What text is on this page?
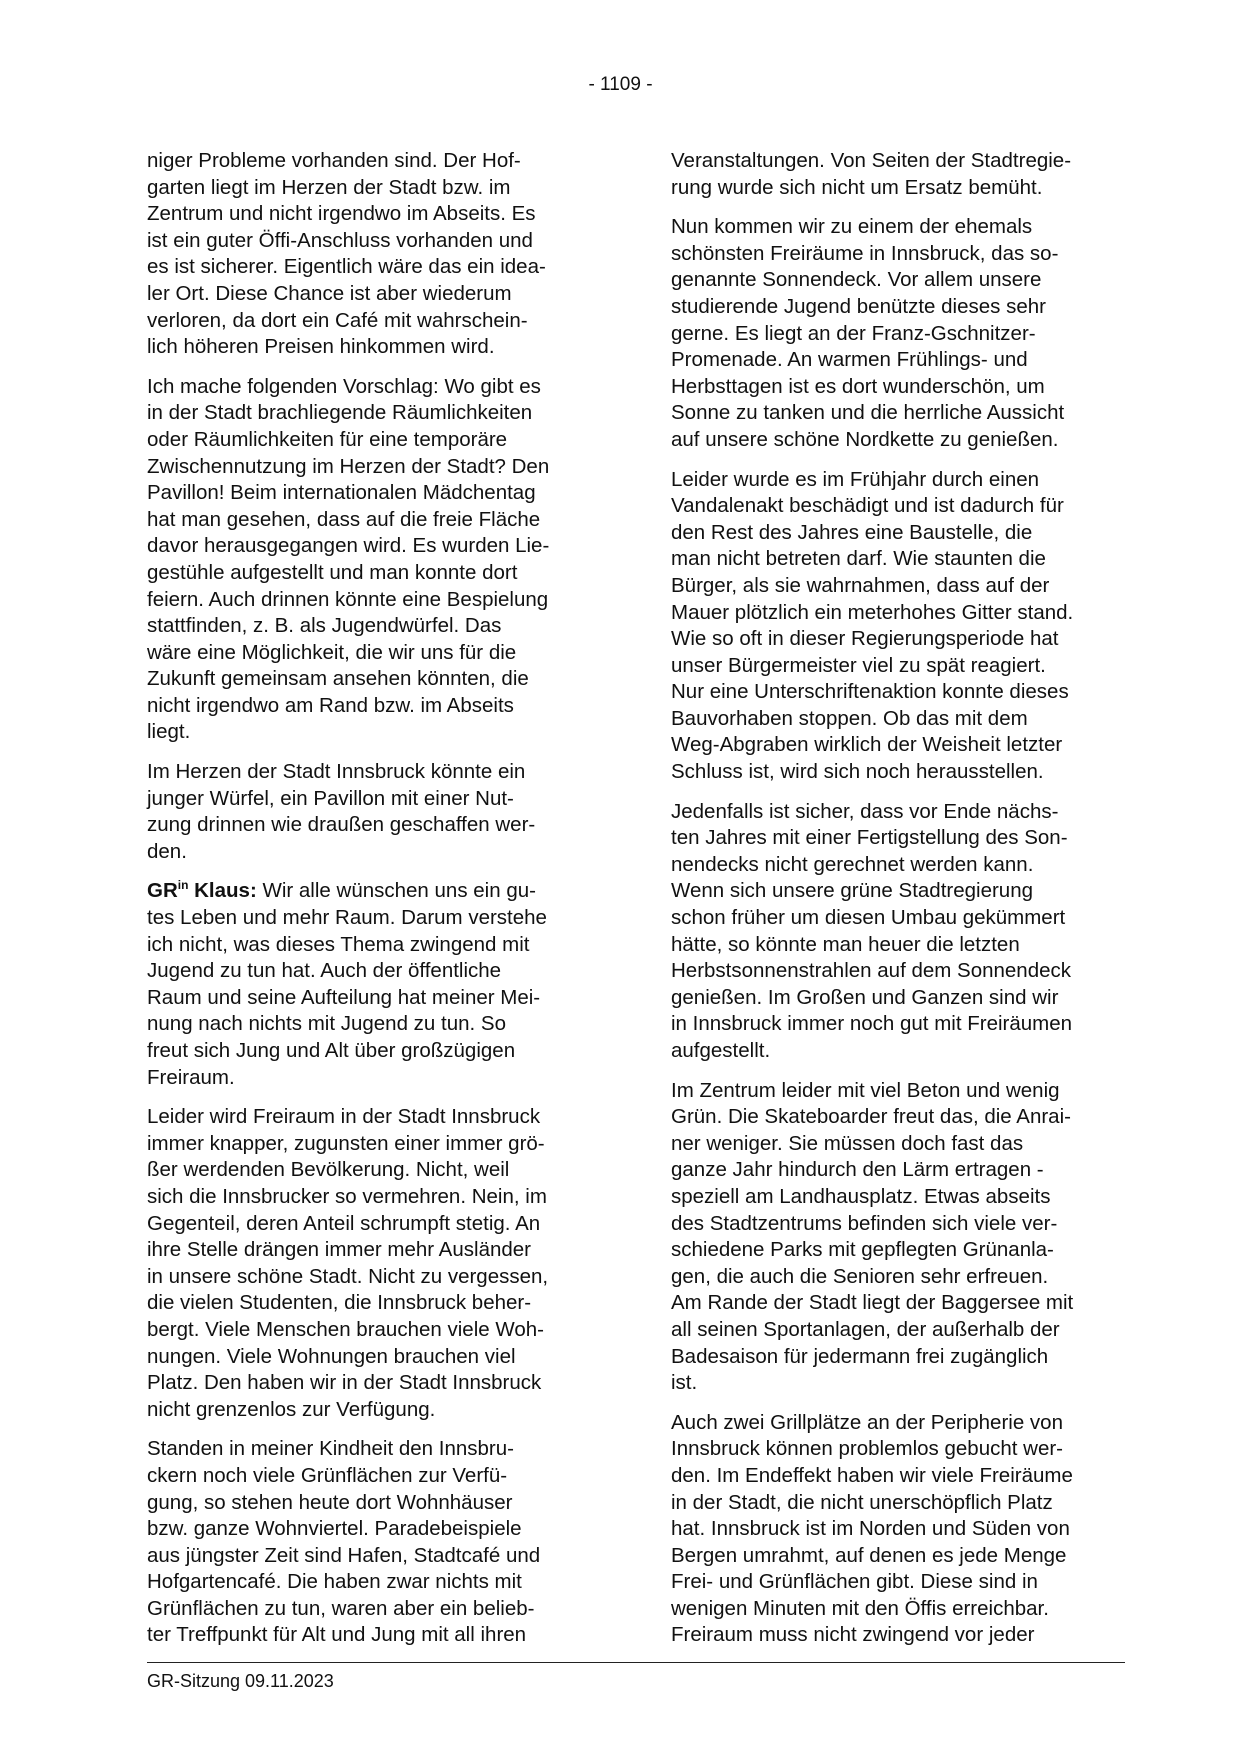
- 1109 -
niger Probleme vorhanden sind. Der Hof-
garten liegt im Herzen der Stadt bzw. im
Zentrum und nicht irgendwo im Abseits. Es
ist ein guter Öffi-Anschluss vorhanden und
es ist sicherer. Eigentlich wäre das ein idea-
ler Ort. Diese Chance ist aber wiederum
verloren, da dort ein Café mit wahrschein-
lich höheren Preisen hinkommen wird.
Ich mache folgenden Vorschlag: Wo gibt es
in der Stadt brachliegende Räumlichkeiten
oder Räumlichkeiten für eine temporäre
Zwischennutzung im Herzen der Stadt? Den
Pavillon! Beim internationalen Mädchentag
hat man gesehen, dass auf die freie Fläche
davor herausgegangen wird. Es wurden Lie-
gestühle aufgestellt und man konnte dort
feiern. Auch drinnen könnte eine Bespielung
stattfinden, z. B. als Jugendwürfel. Das
wäre eine Möglichkeit, die wir uns für die
Zukunft gemeinsam ansehen könnten, die
nicht irgendwo am Rand bzw. im Abseits
liegt.
Im Herzen der Stadt Innsbruck könnte ein
junger Würfel, ein Pavillon mit einer Nut-
zung drinnen wie draußen geschaffen wer-
den.
$GR^{in}$ Klaus: Wir alle wünschen uns ein gu-
tes Leben und mehr Raum. Darum verstehe
ich nicht, was dieses Thema zwingend mit
Jugend zu tun hat. Auch der öffentliche
Raum und seine Aufteilung hat meiner Mei-
nung nach nichts mit Jugend zu tun. So
freut sich Jung und Alt über großzügigen
Freiraum.
Leider wird Freiraum in der Stadt Innsbruck
immer knapper, zugunsten einer immer grö-
ßer werdenden Bevölkerung. Nicht, weil
sich die Innsbrucker so vermehren. Nein, im
Gegenteil, deren Anteil schrumpft stetig. An
ihre Stelle drängen immer mehr Ausländer
in unsere schöne Stadt. Nicht zu vergessen,
die vielen Studenten, die Innsbruck beher-
bergt. Viele Menschen brauchen viele Woh-
nungen. Viele Wohnungen brauchen viel
Platz. Den haben wir in der Stadt Innsbruck
nicht grenzenlos zur Verfügung.
Standen in meiner Kindheit den Innsbru-
ckern noch viele Grünflächen zur Verfü-
gung, so stehen heute dort Wohnhäuser
bzw. ganze Wohnviertel. Paradebeispiele
aus jüngster Zeit sind Hafen, Stadtcafé und
Hofgartencafé. Die haben zwar nichts mit
Grünflächen zu tun, waren aber ein belieb-
ter Treffpunkt für Alt und Jung mit all ihren
Veranstaltungen. Von Seiten der Stadtregie-
rung wurde sich nicht um Ersatz bemüht.
Nun kommen wir zu einem der ehemals
schönsten Freiräume in Innsbruck, das so-
genannte Sonnendeck. Vor allem unsere
studierende Jugend benützte dieses sehr
gerne. Es liegt an der Franz-Gschnitzer-
Promenade. An warmen Frühlings- und
Herbsttagen ist es dort wunderschön, um
Sonne zu tanken und die herrliche Aussicht
auf unsere schöne Nordkette zu genießen.
Leider wurde es im Frühjahr durch einen
Vandalenakt beschädigt und ist dadurch für
den Rest des Jahres eine Baustelle, die
man nicht betreten darf. Wie staunten die
Bürger, als sie wahrnahmen, dass auf der
Mauer plötzlich ein meterhohes Gitter stand.
Wie so oft in dieser Regierungsperiode hat
unser Bürgermeister viel zu spät reagiert.
Nur eine Unterschriftenaktion konnte dieses
Bauvorhaben stoppen. Ob das mit dem
Weg-Abgraben wirklich der Weisheit letzter
Schluss ist, wird sich noch herausstellen.
Jedenfalls ist sicher, dass vor Ende nächs-
ten Jahres mit einer Fertigstellung des Son-
nendecks nicht gerechnet werden kann.
Wenn sich unsere grüne Stadtregierung
schon früher um diesen Umbau gekümmert
hätte, so könnte man heuer die letzten
Herbstsonnenstrahlen auf dem Sonnendeck
genießen. Im Großen und Ganzen sind wir
in Innsbruck immer noch gut mit Freiräumen
aufgestellt.
Im Zentrum leider mit viel Beton und wenig
Grün. Die Skateboarder freut das, die Anrai-
ner weniger. Sie müssen doch fast das
ganze Jahr hindurch den Lärm ertragen -
speziell am Landhausplatz. Etwas abseits
des Stadtzentrums befinden sich viele ver-
schiedene Parks mit gepflegten Grünanla-
gen, die auch die Senioren sehr erfreuen.
Am Rande der Stadt liegt der Baggersee mit
all seinen Sportanlagen, der außerhalb der
Badesaison für jedermann frei zugänglich
ist.
Auch zwei Grillplätze an der Peripherie von
Innsbruck können problemlos gebucht wer-
den. Im Endeffekt haben wir viele Freiräume
in der Stadt, die nicht unerschöpflich Platz
hat. Innsbruck ist im Norden und Süden von
Bergen umrahmt, auf denen es jede Menge
Frei- und Grünflächen gibt. Diese sind in
wenigen Minuten mit den Öffis erreichbar.
Freiraum muss nicht zwingend vor jeder
GR-Sitzung 09.11.2023
